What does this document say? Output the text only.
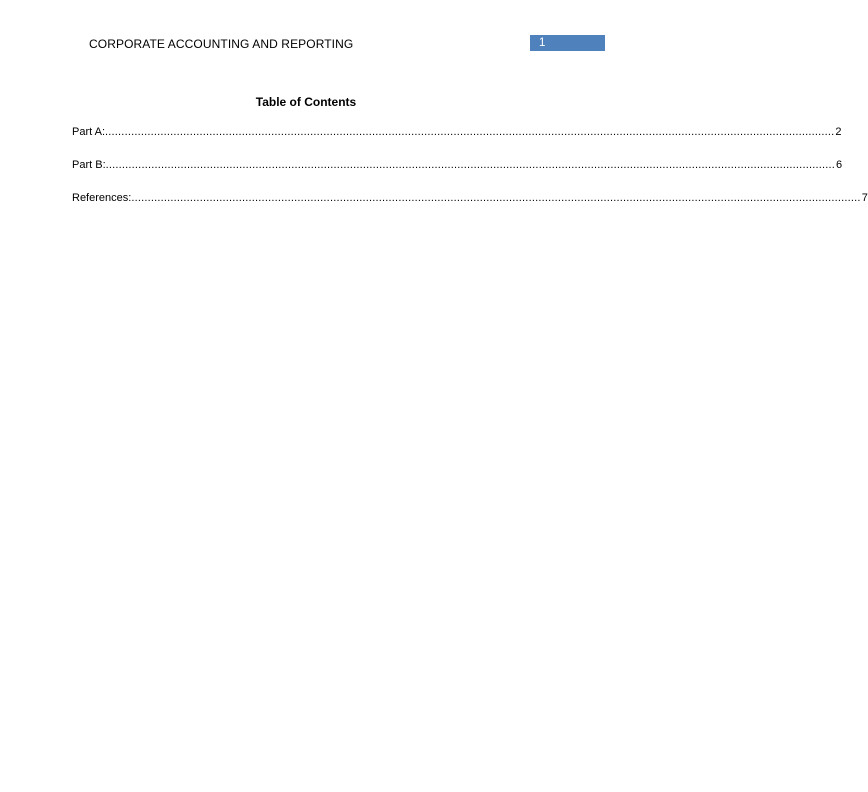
CORPORATE ACCOUNTING AND REPORTING	1
Table of Contents
Part A: ................................................................................................................................................................................................................................ 2
Part B: ................................................................................................................................................................................................................................ 6
References: ................................................................................................................................................................................................................................ 7
